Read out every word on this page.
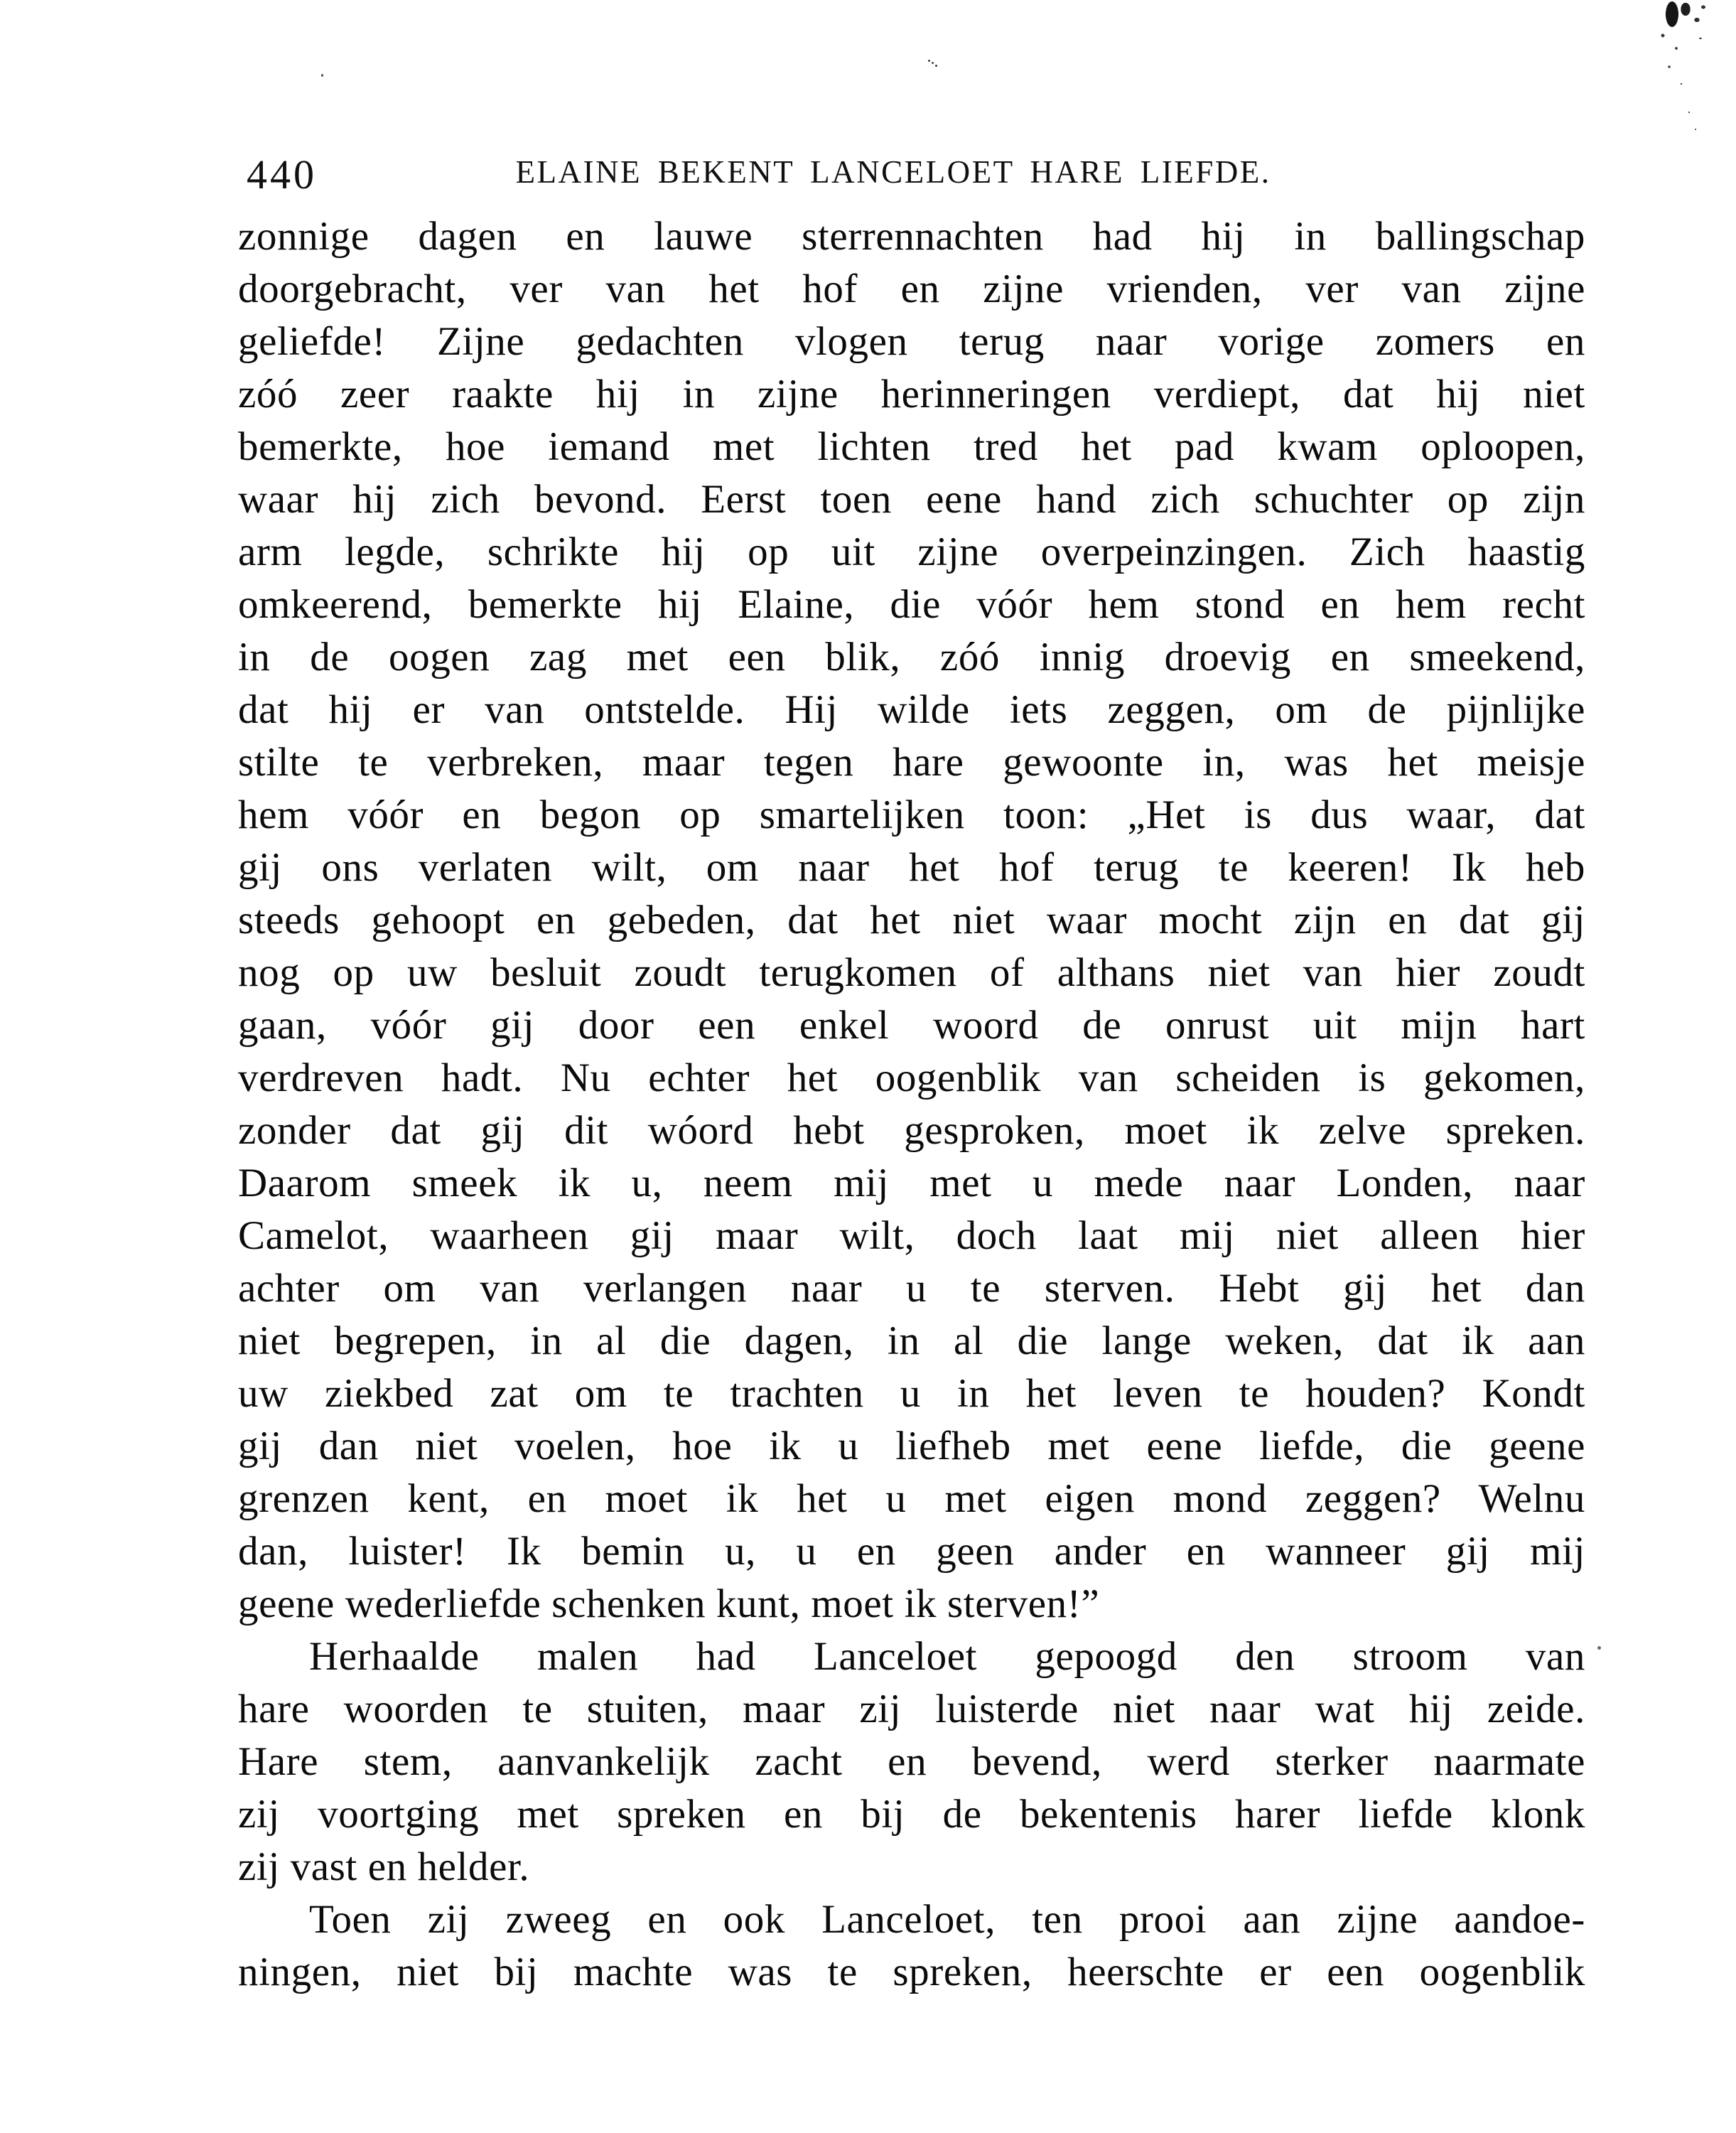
440	ELAINE BEKENT LANCELOET HARE LIEFDE.
zonnige dagen en lauwe sterrennachten had hij in ballingschap
doorgebracht, ver van het hof en zijne vrienden, ver van zijne
geliefde! Zijne gedachten vlogen terug naar vorige zomers en
zóó zeer raakte hij in zijne herinneringen verdiept, dat hij niet
bemerkte, hoe iemand met lichten tred het pad kwam oploopen,
waar hij zich bevond. Eerst toen eene hand zich schuchter op zijn
arm legde, schrikte hij op uit zijne overpeinzingen. Zich haastig
omkeerend, bemerkte hij Elaine, die vóór hem stond en hem recht
in de oogen zag met een blik, zóó innig droevig en smeekend,
dat hij er van ontstelde. Hij wilde iets zeggen, om de pijnlijke
stilte te verbreken, maar tegen hare gewoonte in, was het meisje
hem vóór en begon op smartelijken toon: „Het is dus waar, dat
gij ons verlaten wilt, om naar het hof terug te keeren! Ik heb
steeds gehoopt en gebeden, dat het niet waar mocht zijn en dat gij
nog op uw besluit zoudt terugkomen of althans niet van hier zoudt
gaan, vóór gij door een enkel woord de onrust uit mijn hart
verdreven hadt. Nu echter het oogenblik van scheiden is gekomen,
zonder dat gij dit wóord hebt gesproken, moet ik zelve spreken.
Daarom smeek ik u, neem mij met u mede naar Londen, naar
Camelot, waarheen gij maar wilt, doch laat mij niet alleen hier
achter om van verlangen naar u te sterven. Hebt gij het dan
niet begrepen, in al die dagen, in al die lange weken, dat ik aan
uw ziekbed zat om te trachten u in het leven te houden? Kondt
gij dan niet voelen, hoe ik u liefheb met eene liefde, die geene
grenzen kent, en moet ik het u met eigen mond zeggen? Welnu
dan, luister! Ik bemin u, u en geen ander en wanneer gij mij
geene wederliefde schenken kunt, moet ik sterven!”
Herhaalde malen had Lanceloet gepoogd den stroom van
hare woorden te stuiten, maar zij luisterde niet naar wat hij zeide.
Hare stem, aanvankelijk zacht en bevend, werd sterker naarmate
zij voortging met spreken en bij de bekentenis harer liefde klonk
zij vast en helder.
Toen zij zweeg en ook Lanceloet, ten prooi aan zijne aandoe-
ningen, niet bij machte was te spreken, heerschte er een oogenblik
